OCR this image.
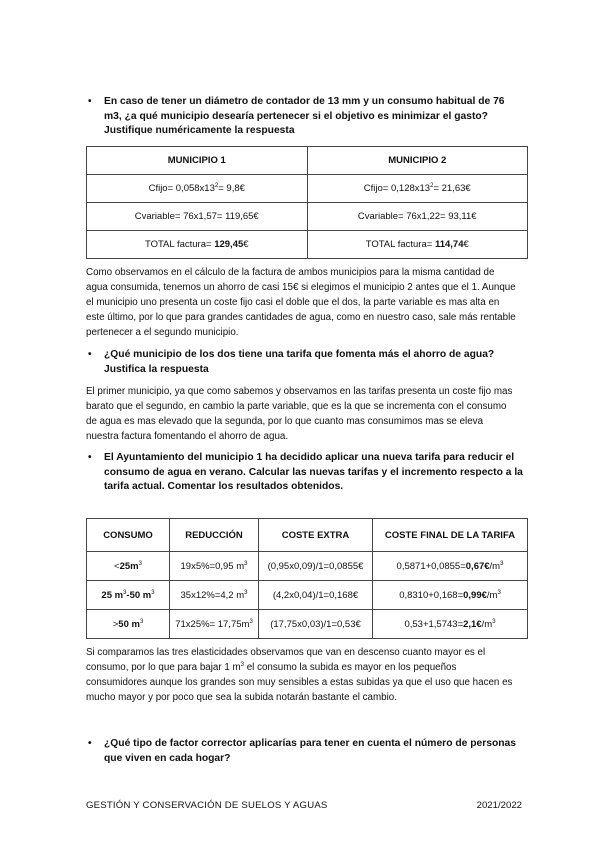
• En caso de tener un diámetro de contador de 13 mm y un consumo habitual de 76 m3, ¿a qué municipio desearía pertenecer si el objetivo es minimizar el gasto? Justifique numéricamente la respuesta
MUNICIPIO 1	MUNICIPIO 2
Cfijo= $0,058x13^2=$ 9,8€	Cfijo= $0,128x13^2=$ 21,63€
Cvariable= 76x1,57= 119,65€	Cvariable= 76x1,22= 93,11€
TOTAL factura= 129,45€	TOTAL factura= 114,74€
Como observamos en el cálculo de la factura de ambos municipios para la misma cantidad de agua consumida, tenemos un ahorro de casi 15€ si elegimos el municipio 2 antes que el 1. Aunque el municipio uno presenta un coste fijo casi el doble que el dos, la parte variable es mas alta en este último, por lo que para grandes cantidades de agua, como en nuestro caso, sale más rentable pertenecer a el segundo municipio.
• ¿Qué municipio de los dos tiene una tarifa que fomenta más el ahorro de agua? Justifica la respuesta
El primer municipio, ya que como sabemos y observamos en las tarifas presenta un coste fijo mas barato que el segundo, en cambio la parte variable, que es la que se incrementa con el consumo de agua es mas elevado que la segunda, por lo que cuanto mas consumimos mas se eleva nuestra factura fomentando el ahorro de agua.
• El Ayuntamiento del municipio 1 ha decidido aplicar una nueva tarifa para reducir el consumo de agua en verano. Calcular las nuevas tarifas y el incremento respecto a la tarifa actual. Comentar los resultados obtenidos.
CONSUMO	REDUCCIÓN	COSTE EXTRA	COSTE FINAL DE LA TARIFA
$<25m^3$	19x5%=0,95 $m^3$	(0,95x0,09)/1=0,0855€	$0,5871+0,0855=0,67€/m^3$
25 $m^3-50$ $m^3$	35x12%=4,2 $m^3$	(4,2x0,04)/1=0,168€	$0,8310+0,168=0,99€/m^3$
>50 $m^3$	$71x25\%= 17,75m^3$	(17,75x0,03)/1=0,53€	$0,53+1,5743=2,1€/m^3$
Si comparamos las tres elasticidades observamos que van en descenso cuanto mayor es el consumo, por lo que para bajar 1 $m^3$ el consumo la subida es mayor en los pequeños consumidores aunque los grandes son muy sensibles a estas subidas ya que el uso que hacen es mucho mayor y por poco que sea la subida notarán bastante el cambio.
• ¿Qué tipo de factor corrector aplicarías para tener en cuenta el número de personas que viven en cada hogar?
GESTIÓN Y CONSERVACIÓN DE SUELOS Y AGUAS	2021/2022
